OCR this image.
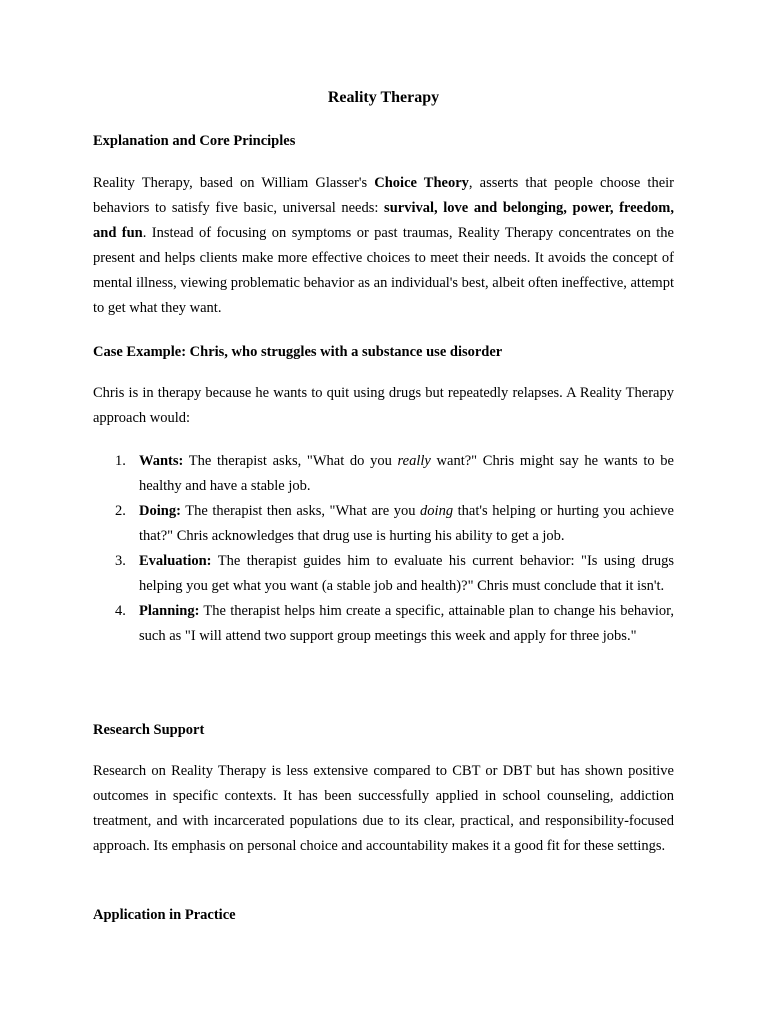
Reality Therapy
Explanation and Core Principles

Reality Therapy, based on William Glasser's Choice Theory, asserts that people choose their behaviors to satisfy five basic, universal needs: survival, love and belonging, power, freedom, and fun. Instead of focusing on symptoms or past traumas, Reality Therapy concentrates on the present and helps clients make more effective choices to meet their needs. It avoids the concept of mental illness, viewing problematic behavior as an individual's best, albeit often ineffective, attempt to get what they want.

Case Example: Chris, who struggles with a substance use disorder

Chris is in therapy because he wants to quit using drugs but repeatedly relapses. A Reality Therapy approach would:

1. Wants: The therapist asks, "What do you really want?" Chris might say he wants to be healthy and have a stable job.
2. Doing: The therapist then asks, "What are you doing that's helping or hurting you achieve that?" Chris acknowledges that drug use is hurting his ability to get a job.
3. Evaluation: The therapist guides him to evaluate his current behavior: "Is using drugs helping you get what you want (a stable job and health)?" Chris must conclude that it isn't.
4. Planning: The therapist helps him create a specific, attainable plan to change his behavior, such as "I will attend two support group meetings this week and apply for three jobs."
Research Support

Research on Reality Therapy is less extensive compared to CBT or DBT but has shown positive outcomes in specific contexts. It has been successfully applied in school counseling, addiction treatment, and with incarcerated populations due to its clear, practical, and responsibility-focused approach. Its emphasis on personal choice and accountability makes it a good fit for these settings.

Application in Practice
